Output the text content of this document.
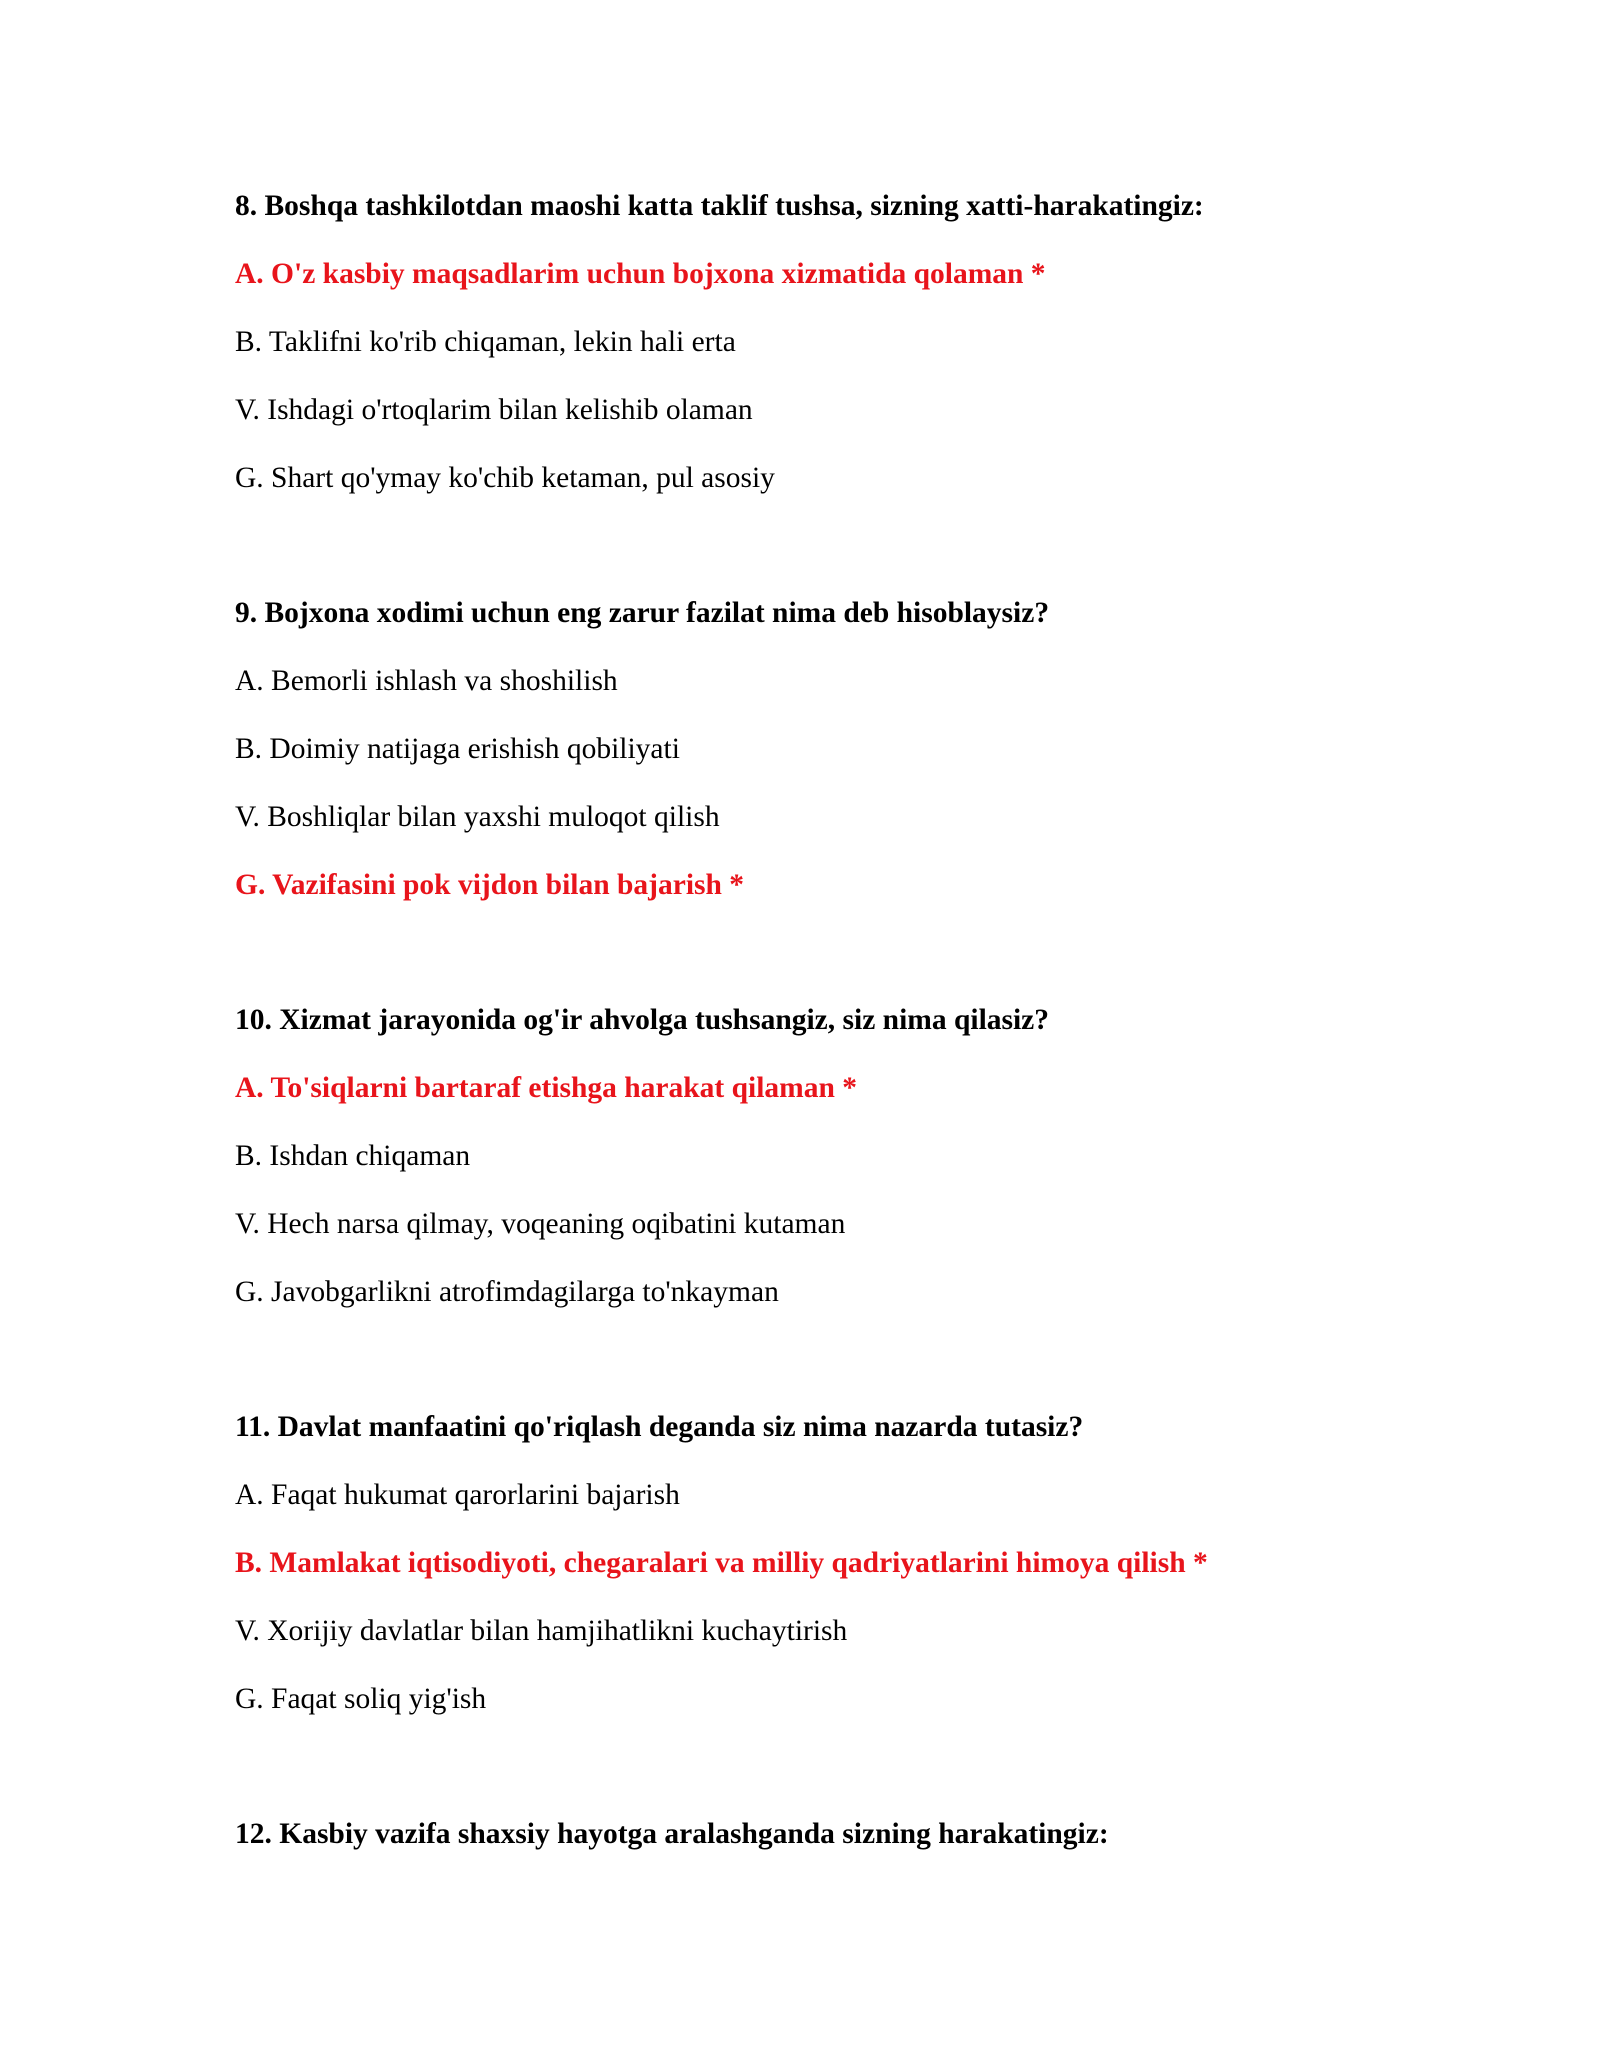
8. Boshqa tashkilotdan maoshi katta taklif tushsa, sizning xatti-harakatingiz:

A. O'z kasbiy maqsadlarim uchun bojxona xizmatida qolaman *

B. Taklifni ko'rib chiqaman, lekin hali erta

V. Ishdagi o'rtoqlarim bilan kelishib olaman

G. Shart qo'ymay ko'chib ketaman, pul asosiy

9. Bojxona xodimi uchun eng zarur fazilat nima deb hisoblaysiz?

A. Bemorli ishlash va shoshilish

B. Doimiy natijaga erishish qobiliyati

V. Boshliqlar bilan yaxshi muloqot qilish

G. Vazifasini pok vijdon bilan bajarish *

10. Xizmat jarayonida og'ir ahvolga tushsangiz, siz nima qilasiz?

A. To'siqlarni bartaraf etishga harakat qilaman *

B. Ishdan chiqaman

V. Hech narsa qilmay, voqeaning oqibatini kutaman

G. Javobgarlikni atrofimdagilarga to'nkayman

11. Davlat manfaatini qo'riqlash deganda siz nima nazarda tutasiz?

A. Faqat hukumat qarorlarini bajarish

B. Mamlakat iqtisodiyoti, chegaralari va milliy qadriyatlarini himoya qilish *

V. Xorijiy davlatlar bilan hamjihatlikni kuchaytirish

G. Faqat soliq yig'ish

12. Kasbiy vazifa shaxsiy hayotga aralashganda sizning harakatingiz:
